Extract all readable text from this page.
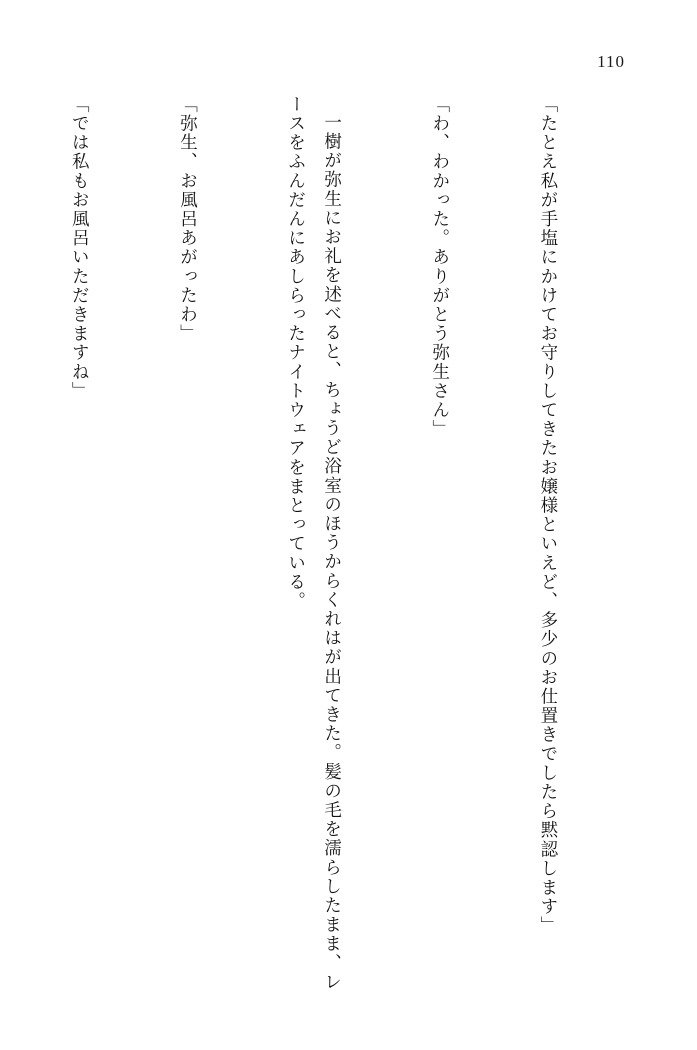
110

「たとえ私が手塩にかけてお守りしてきたお嬢様といえど、多少のお仕置きでしたら黙認します」

「わ、わかった。ありがとう弥生さん」

一樹が弥生にお礼を述べると、ちょうど浴室のほうからくれはが出てきた。髪の毛を濡らしたまま、レースをふんだんにあしらったナイトウェアをまとっている。

「弥生、お風呂あがったわ」

「では私もお風呂いただきますね」
